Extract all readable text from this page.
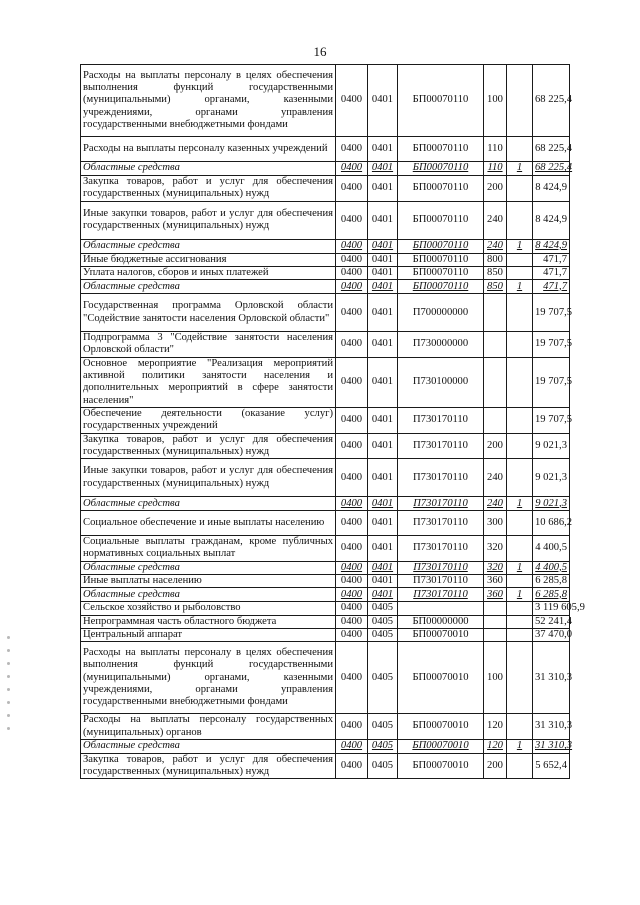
16
Расходы на выплаты персоналу в целях обеспечения выполнения функций государственными (муниципальными) органами, казенными учреждениями, органами управления государственными внебюджетными фондами	0400	0401	БП00070110	100		68 225,4
Расходы на выплаты персоналу казенных учреждений	0400	0401	БП00070110	110		68 225,4
Областные средства	0400	0401	БП00070110	110	1	68 225,4
Закупка товаров, работ и услуг для обеспечения государственных (муниципальных) нужд	0400	0401	БП00070110	200		8 424,9
Иные закупки товаров, работ и услуг для обеспечения государственных (муниципальных) нужд	0400	0401	БП00070110	240		8 424,9
Областные средства	0400	0401	БП00070110	240	1	8 424,9
Иные бюджетные ассигнования	0400	0401	БП00070110	800		471,7
Уплата налогов, сборов и иных платежей	0400	0401	БП00070110	850		471,7
Областные средства	0400	0401	БП00070110	850	1	471,7
Государственная программа Орловской области "Содействие занятости населения Орловской области"	0400	0401	П700000000			19 707,5
Подпрограмма 3 "Содействие занятости населения Орловской области"	0400	0401	П730000000			19 707,5
Основное мероприятие "Реализация мероприятий активной политики занятости населения и дополнительных мероприятий в сфере занятости населения"	0400	0401	П730100000			19 707,5
Обеспечение деятельности (оказание услуг) государственных учреждений	0400	0401	П730170110			19 707,5
Закупка товаров, работ и услуг для обеспечения государственных (муниципальных) нужд	0400	0401	П730170110	200		9 021,3
Иные закупки товаров, работ и услуг для обеспечения государственных (муниципальных) нужд	0400	0401	П730170110	240		9 021,3
Областные средства	0400	0401	П730170110	240	1	9 021,3
Социальное обеспечение и иные выплаты населению	0400	0401	П730170110	300		10 686,2
Социальные выплаты гражданам, кроме публичных нормативных социальных выплат	0400	0401	П730170110	320		4 400,5
Областные средства	0400	0401	П730170110	320	1	4 400,5
Иные выплаты населению	0400	0401	П730170110	360		6 285,8
Областные средства	0400	0401	П730170110	360	1	6 285,8
Сельское хозяйство и рыболовство	0400	0405				3 119 605,9
Непрограммная часть областного бюджета	0400	0405	БП00000000			52 241,4
Центральный аппарат	0400	0405	БП00070010			37 470,0
Расходы на выплаты персоналу в целях обеспечения выполнения функций государственными (муниципальными) органами, казенными учреждениями, органами управления государственными внебюджетными фондами	0400	0405	БП00070010	100		31 310,3
Расходы на выплаты персоналу государственных (муниципальных) органов	0400	0405	БП00070010	120		31 310,3
Областные средства	0400	0405	БП00070010	120	1	31 310,3
Закупка товаров, работ и услуг для обеспечения государственных (муниципальных) нужд	0400	0405	БП00070010	200		5 652,4
